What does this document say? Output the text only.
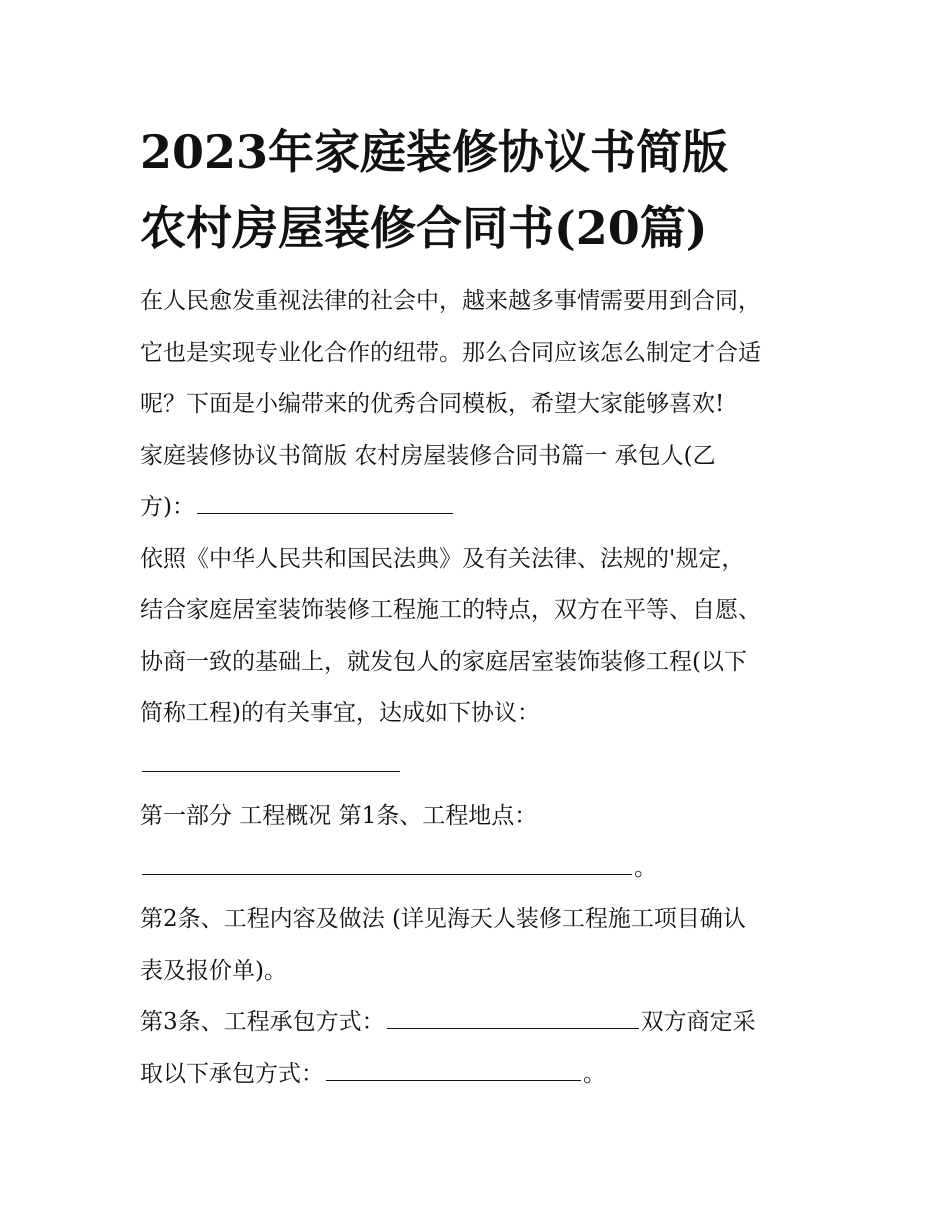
2023年家庭装修协议书简版
农村房屋装修合同书(20篇)
在人民愈发重视法律的社会中，越来越多事情需要用到合同，
它也是实现专业化合作的纽带。那么合同应该怎么制定才合适
呢？下面是小编带来的优秀合同模板，希望大家能够喜欢!
家庭装修协议书简版 农村房屋装修合同书篇一 承包人(乙
方)：
依照《中华人民共和国民法典》及有关法律、法规的'规定，
结合家庭居室装饰装修工程施工的特点，双方在平等、自愿、
协商一致的基础上，就发包人的家庭居室装饰装修工程(以下
简称工程)的有关事宜，达成如下协议：
第一部分 工程概况 第1条、工程地点：
。
第2条、工程内容及做法 (详见海天人装修工程施工项目确认
表及报价单)。
第3条、工程承包方式：	双方商定采
取以下承包方式：	。
